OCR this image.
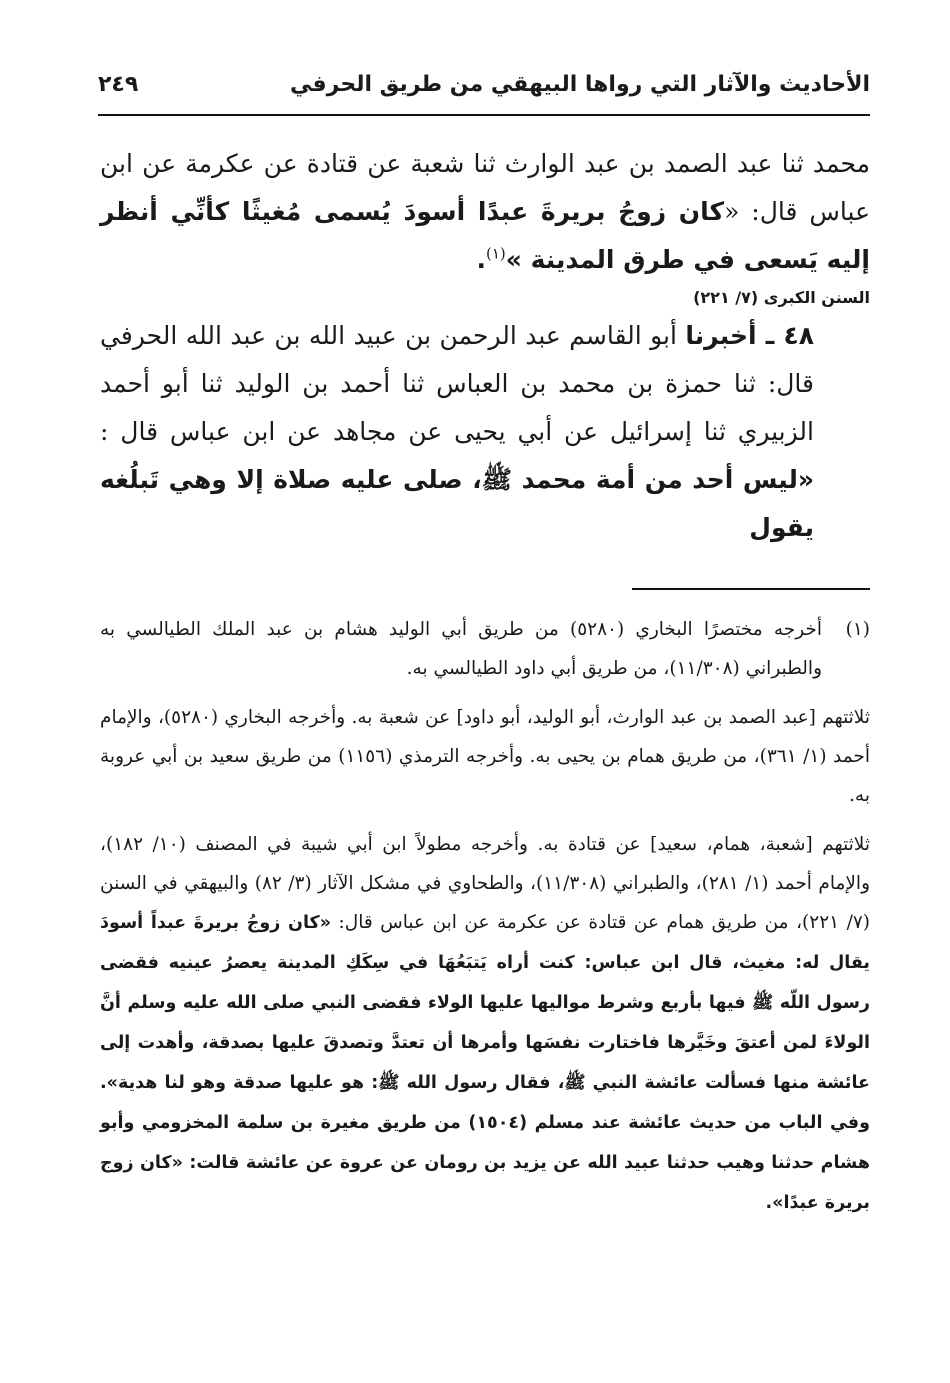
الأحاديث والآثار التي رواها البيهقي من طريق الحرفي
٢٤٩

محمد ثنا عبد الصمد بن عبد الوارث ثنا شعبة عن قتادة عن عكرمة عن ابن عباس قال: «كان زوجُ بريرةَ عبدًا أسودَ يُسمى مُغيثًا كأنِّي أنظر إليه يَسعى في طرق المدينة »$^{(١)}$.

السنن الكبرى (٧/ ٢٢١)

٤٨ ـ أخبرنا أبو القاسم عبد الرحمن بن عبيد الله بن عبد الله الحرفي قال: ثنا حمزة بن محمد بن العباس ثنا أحمد بن الوليد ثنا أبو أحمد الزبيري ثنا إسرائيل عن أبي يحيى عن مجاهد عن ابن عباس قال : «ليس أحد من أمة محمد ﷺ، صلى عليه صلاة إلا وهي تَبلُغه يقول

(١)

أخرجه مختصرًا البخاري (٥٢٨٠) من طريق أبي الوليد هشام بن عبد الملك الطيالسي به والطبراني (١١/٣٠٨)، من طريق أبي داود الطيالسي به.

ثلاثتهم [عبد الصمد بن عبد الوارث، أبو الوليد، أبو داود] عن شعبة به. وأخرجه البخاري (٥٢٨٠)، والإمام أحمد (١/ ٣٦١)، من طريق همام بن يحيى به. وأخرجه الترمذي (١١٥٦) من طريق سعيد بن أبي عروبة به.

ثلاثتهم [شعبة، همام، سعيد] عن قتادة به. وأخرجه مطولاً ابن أبي شيبة في المصنف (١٠/ ١٨٢)، والإمام أحمد (١/ ٢٨١)، والطبراني (١١/٣٠٨)، والطحاوي في مشكل الآثار (٣/ ٨٢) والبيهقي في السنن (٧/ ٢٢١)، من طريق همام عن قتادة عن عكرمة عن ابن عباس قال: «كان زوجُ بريرةَ عبداً أسودَ يقال له: مغيث، قال ابن عباس: كنت أراه يَتبَعُهَا في سِكَكِ المدينة يعصرُ عينيه فقضى رسول اللّه ﷺ فيها بأربع وشرط مواليها عليها الولاء فقضى النبي صلى الله عليه وسلم أنَّ الولاءَ لمن أعتقَ وخَيَّرها فاختارت نفسَها وأمرها أن تعتدَّ وتصدقَ عليها بصدقة، وأهدت إلى عائشة منها فسألت عائشة النبي ﷺ، فقال رسول الله ﷺ: هو عليها صدقة وهو لنا هدية». وفي الباب من حديث عائشة عند مسلم (١٥٠٤) من طريق مغيرة بن سلمة المخزومي وأبو هشام حدثنا وهيب حدثنا عبيد الله عن يزيد بن رومان عن عروة عن عائشة قالت: «كان زوج بريرة عبدًا».
